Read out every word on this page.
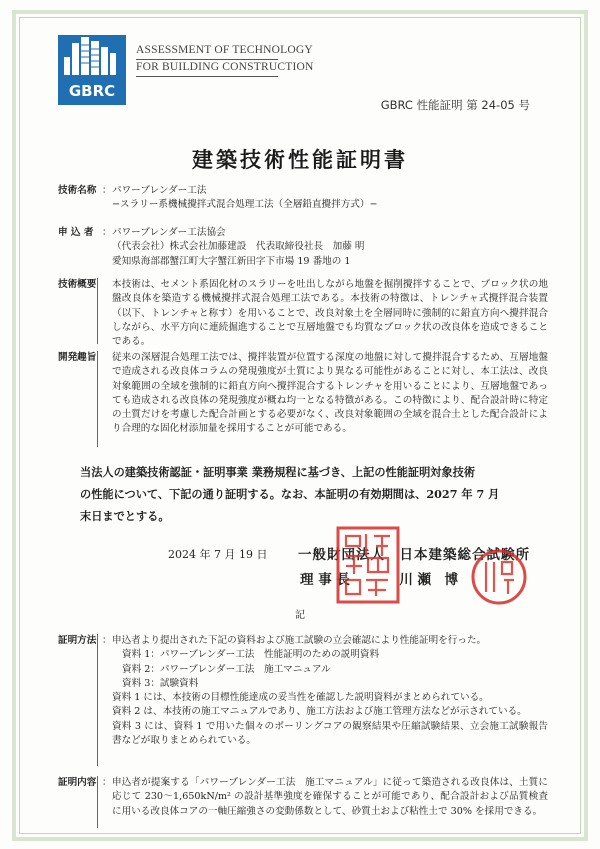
GBRC
ASSESSMENT OF TECHNOLOGY
FOR BUILDING CONSTRUCTION
GBRC 性能証明 第 24-05 号
建築技術性能証明書
技術名称 ： パワーブレンダー工法
−スラリー系機械攪拌式混合処理工法（全層鉛直攪拌方式）−
申 込 者 ： パワーブレンダー工法協会
（代表会社）株式会社加藤建設　代表取締役社長　加藤 明
愛知県海部郡蟹江町大字蟹江新田字下市場 19 番地の 1
技術概要	本技術は、セメント系固化材のスラリーを吐出しながら地盤を掘削攪拌することで、ブロック状の地盤改良体を築造する機械攪拌式混合処理工法である。本技術の特徴は、トレンチャ式攪拌混合装置（以下、トレンチャと称す）を用いることで、改良対象土を全層同時に強制的に鉛直方向へ攪拌混合しながら、水平方向に連続掘進することで互層地盤でも均質なブロック状の改良体を造成できることである。

開発趣旨	従来の深層混合処理工法では、攪拌装置が位置する深度の地盤に対して攪拌混合するため、互層地盤で造成される改良体コラムの発現強度が土質により異なる可能性があることに対し、本工法は、改良対象範囲の全域を強制的に鉛直方向へ攪拌混合するトレンチャを用いることにより、互層地盤であっても造成される改良体の発現強度が概ね均一となる特徴がある。この特徴により、配合設計時に特定の土質だけを考慮した配合計画とする必要がなく、改良対象範囲の全域を混合土とした配合設計により合理的な固化材添加量を採用することが可能である。

当法人の建築技術認証・証明事業 業務規程に基づき、上記の性能証明対象技術
の性能について、下記の通り証明する。なお、本証明の有効期間は、2027 年 7 月
末日までとする。
2024 年 7 月 19 日 一般財団法人　日本建築総合試験所
理 事 長	川 瀬　博
記
証明方法 ： 申込者より提出された下記の資料および施工試験の立会確認により性能証明を行った。
資料 1：パワーブレンダー工法　性能証明のための説明資料
資料 2：パワーブレンダー工法　施工マニュアル
資料 3：試験資料

資料 1 には、本技術の目標性能達成の妥当性を確認した説明資料がまとめられている。

資料 2 は、本技術の施工マニュアルであり、施工方法および施工管理方法などが示されている。

資料 3 には、資料 1 で用いた個々のボーリングコアの観察結果や圧縮試験結果、立会施工試験報告書などが取りまとめられている。

証明内容 ： 申込者が提案する「パワーブレンダー工法　施工マニュアル」に従って築造される改良体は、土質に応じて 230〜1,650kN/m² の設計基準強度を確保することが可能であり、配合設計および品質検査に用いる改良体コアの一軸圧縮強さの変動係数として、砂質土および粘性土で 30% を採用できる。
